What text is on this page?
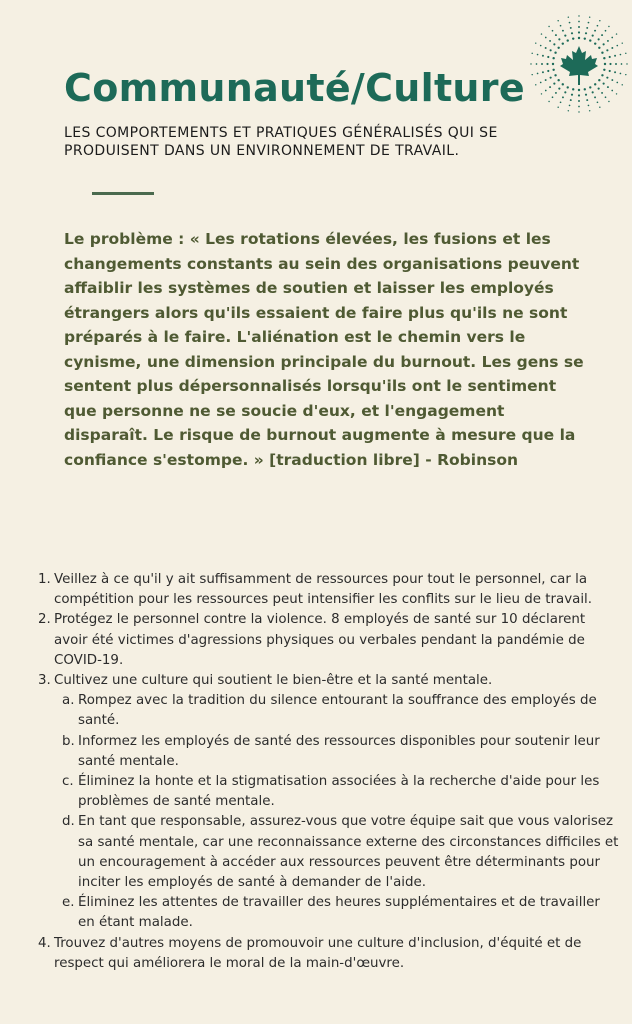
Communauté/Culture

LES COMPORTEMENTS ET PRATIQUES GÉNÉRALISÉS QUI SE PRODUISENT DANS UN ENVIRONNEMENT DE TRAVAIL.

Le problème : « Les rotations élevées, les fusions et les changements constants au sein des organisations peuvent affaiblir les systèmes de soutien et laisser les employés étrangers alors qu'ils essaient de faire plus qu'ils ne sont préparés à le faire. L'aliénation est le chemin vers le cynisme, une dimension principale du burnout. Les gens se sentent plus dépersonnalisés lorsqu'ils ont le sentiment que personne ne se soucie d'eux, et l'engagement disparaît. Le risque de burnout augmente à mesure que la confiance s'estompe. » [traduction libre] - Robinson

1. Veillez à ce qu'il y ait suffisamment de ressources pour tout le personnel, car la compétition pour les ressources peut intensifier les conflits sur le lieu de travail.
2. Protégez le personnel contre la violence. 8 employés de santé sur 10 déclarent avoir été victimes d'agressions physiques ou verbales pendant la pandémie de COVID-19.
3. Cultivez une culture qui soutient le bien-être et la santé mentale.
a. Rompez avec la tradition du silence entourant la souffrance des employés de santé.
b. Informez les employés de santé des ressources disponibles pour soutenir leur santé mentale.
c. Éliminez la honte et la stigmatisation associées à la recherche d'aide pour les problèmes de santé mentale.
d. En tant que responsable, assurez-vous que votre équipe sait que vous valorisez sa santé mentale, car une reconnaissance externe des circonstances difficiles et un encouragement à accéder aux ressources peuvent être déterminants pour inciter les employés de santé à demander de l'aide.
e. Éliminez les attentes de travailler des heures supplémentaires et de travailler en étant malade.
4. Trouvez d'autres moyens de promouvoir une culture d'inclusion, d'équité et de respect qui améliorera le moral de la main-d'œuvre.
